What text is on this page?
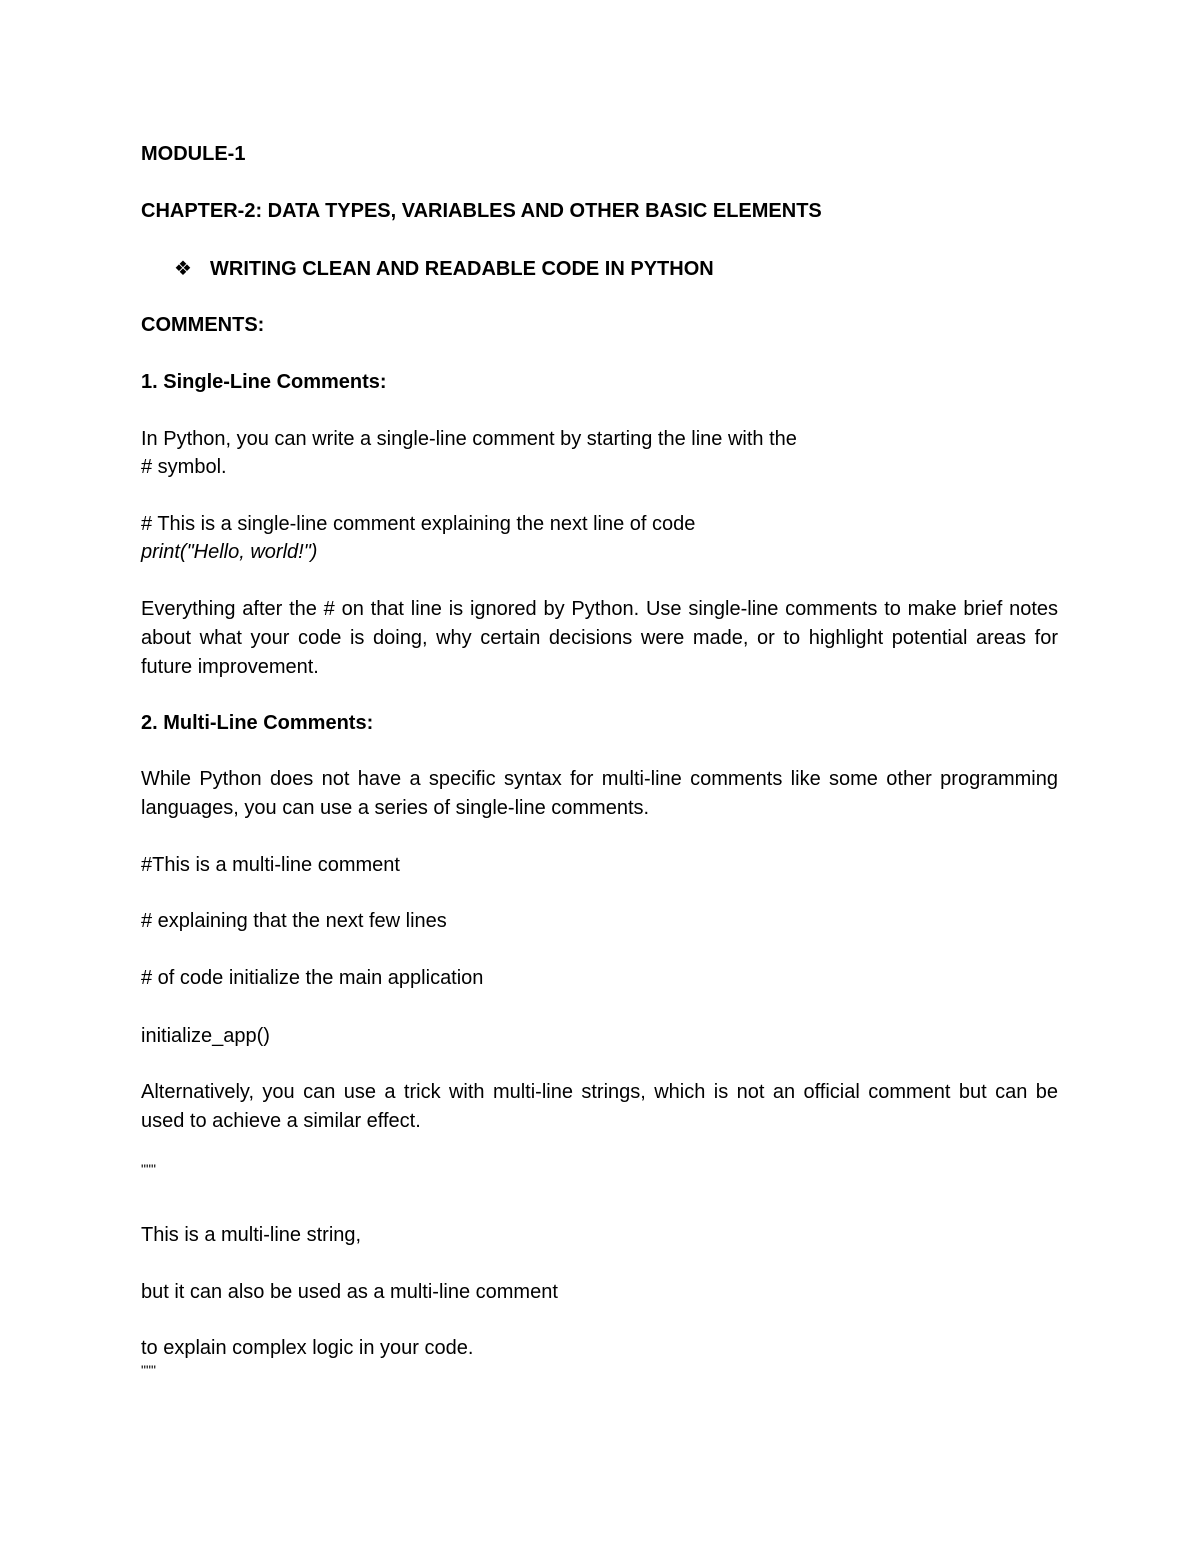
MODULE-1

CHAPTER-2: DATA TYPES, VARIABLES AND OTHER BASIC ELEMENTS

❖ WRITING CLEAN AND READABLE CODE IN PYTHON

COMMENTS:

1. Single-Line Comments:

In Python, you can write a single-line comment by starting the line with the

# symbol.

# This is a single-line comment explaining the next line of code

print("Hello, world!")

Everything after the # on that line is ignored by Python. Use single-line comments to make brief notes about what your code is doing, why certain decisions were made, or to highlight potential areas for future improvement.

2. Multi-Line Comments:

While Python does not have a specific syntax for multi-line comments like some other programming languages, you can use a series of single-line comments.

#This is a multi-line comment

# explaining that the next few lines

# of code initialize the main application

initialize_app()

Alternatively, you can use a trick with multi-line strings, which is not an official comment but can be used to achieve a similar effect.

"""

This is a multi-line string,

but it can also be used as a multi-line comment

to explain complex logic in your code.

"""
